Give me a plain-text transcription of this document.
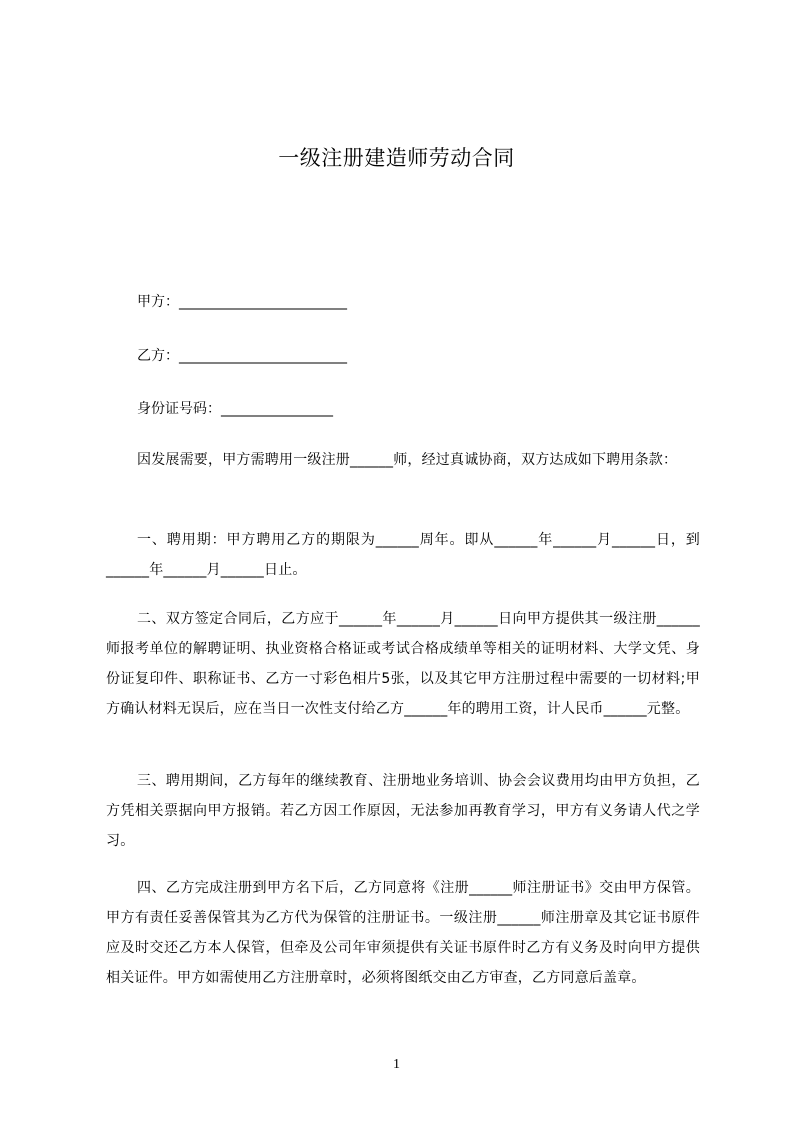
一级注册建造师劳动合同
甲方：________________________
乙方：________________________
身份证号码：________________

因发展需要，甲方需聘用一级注册______师，经过真诚协商，双方达成如下聘用条款：

一、聘用期：甲方聘用乙方的期限为______周年。即从______年______月______日，到______年______月______日止。

二、双方签定合同后，乙方应于______年______月______日向甲方提供其一级注册______师报考单位的解聘证明、执业资格合格证或考试合格成绩单等相关的证明材料、大学文凭、身份证复印件、职称证书、乙方一寸彩色相片5张，以及其它甲方注册过程中需要的一切材料;甲方确认材料无误后，应在当日一次性支付给乙方______年的聘用工资，计人民币______元整。

三、聘用期间，乙方每年的继续教育、注册地业务培训、协会会议费用均由甲方负担，乙方凭相关票据向甲方报销。若乙方因工作原因，无法参加再教育学习，甲方有义务请人代之学习。

四、乙方完成注册到甲方名下后，乙方同意将《注册______师注册证书》交由甲方保管。甲方有责任妥善保管其为乙方代为保管的注册证书。一级注册______师注册章及其它证书原件应及时交还乙方本人保管，但牵及公司年审须提供有关证书原件时乙方有义务及时向甲方提供相关证件。甲方如需使用乙方注册章时，必须将图纸交由乙方审查，乙方同意后盖章。

1
